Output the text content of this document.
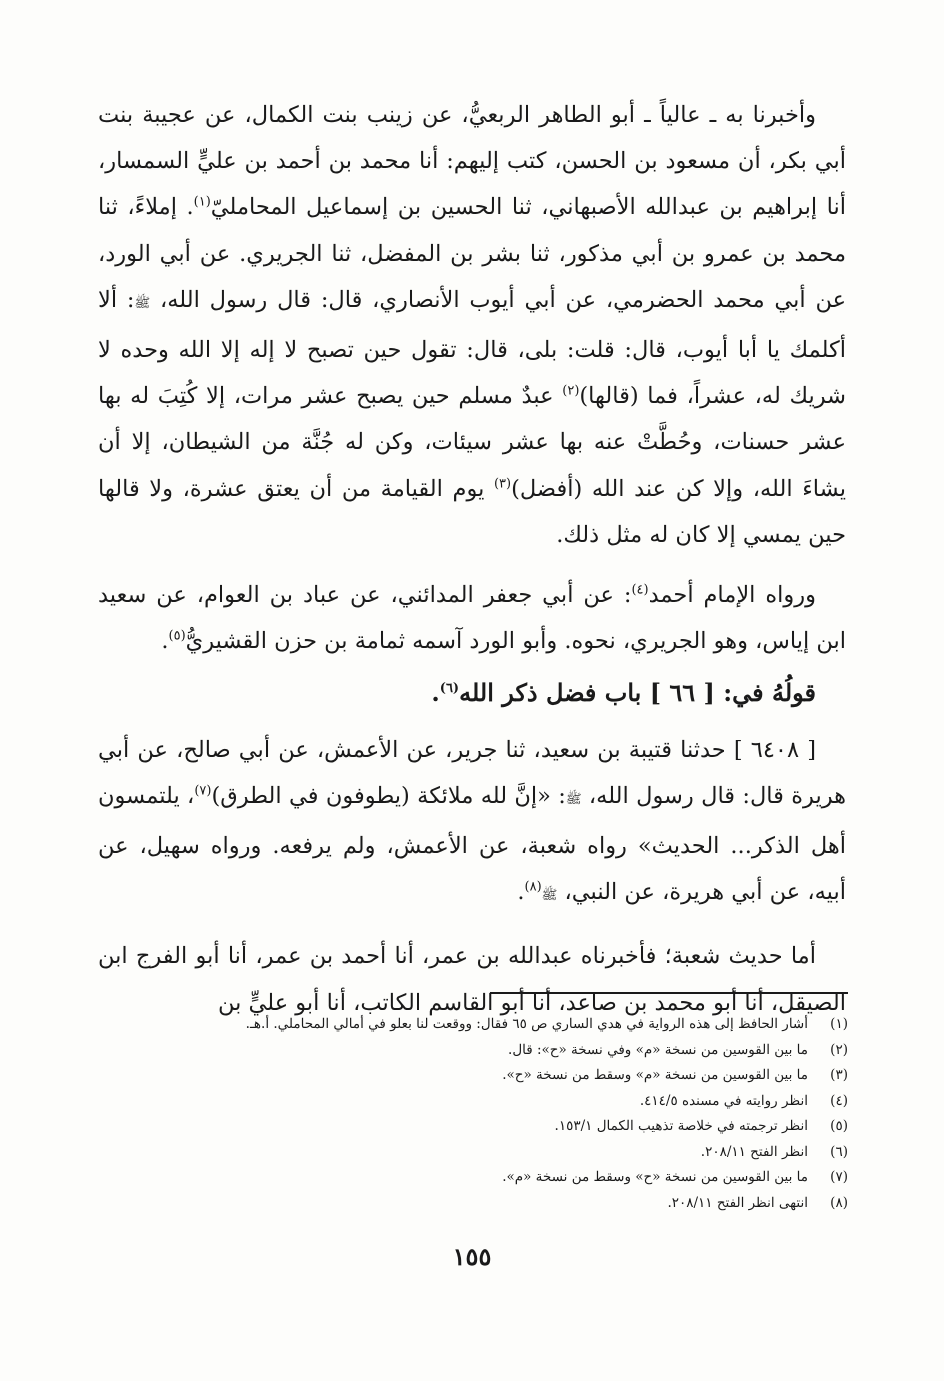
وأخبرنا به ـ عالياً ـ أبو الطاهر الربعيُّ، عن زينب بنت الكمال، عن عجيبة بنت أبي بكر، أن مسعود بن الحسن، كتب إليهم: أنا محمد بن أحمد بن عليٍّ السمسار، أنا إبراهيم بن عبدالله الأصبهاني، ثنا الحسين بن إسماعيل المحامليّ$^{(١)}$. إملاءً، ثنا محمد بن عمرو بن أبي مذكور، ثنا بشر بن المفضل، ثنا الجريري. عن أبي الورد، عن أبي محمد الحضرمي، عن أبي أيوب الأنصاري، قال: قال رسول الله، ﷺ: ألا أكلمك يا أبا أيوب، قال: قلت: بلى، قال: تقول حين تصبح لا إله إلا الله وحده لا شريك له، عشراً، فما (قالها)$^{(٢)}$ عبدٌ مسلم حين يصبح عشر مرات، إلا كُتِبَ له بها عشر حسنات، وحُطَّتْ عنه بها عشر سيئات، وكن له جُنَّة من الشيطان، إلا أن يشاءَ الله، وإلا كن عند الله (أفضل)$^{(٣)}$ يوم القيامة من أن يعتق عشرة، ولا قالها حين يمسي إلا كان له مثل ذلك.

ورواه الإمام أحمد$^{(٤)}$: عن أبي جعفر المدائني، عن عباد بن العوام، عن سعيد ابن إياس، وهو الجريري، نحوه. وأبو الورد آسمه ثمامة بن حزن القشيريُّ$^{(٥)}$.

قولُهُ في: [ ٦٦ ] باب فضل ذكر الله$^{(٦)}$.

[ ٦٤٠٨ ] حدثنا قتيبة بن سعيد، ثنا جرير، عن الأعمش، عن أبي صالح، عن أبي هريرة قال: قال رسول الله، ﷺ: «إنَّ لله ملائكة (يطوفون في الطرق)$^{(٧)}$، يلتمسون أهل الذكر... الحديث» رواه شعبة، عن الأعمش، ولم يرفعه. ورواه سهيل، عن أبيه، عن أبي هريرة، عن النبي، ﷺ$^{(٨)}$.

أما حديث شعبة؛ فأخبرناه عبدالله بن عمر، أنا أحمد بن عمر، أنا أبو الفرج ابن الصيقل، أنا أبو محمد بن صاعد، أنا أبو القاسم الكاتب، أنا أبو عليٍّ بن

(١)
أشار الحافظ إلى هذه الرواية في هدي الساري ص ٦٥ فقال: ووقعت لنا بعلو في أمالي المحاملي. أ.هـ.
(٢)
ما بين القوسين من نسخة «م» وفي نسخة «ح»: قال.
(٣)
ما بين القوسين من نسخة «م» وسقط من نسخة «ح».
(٤)
انظر روايته في مسنده ٤١٤/٥.
(٥)
انظر ترجمته في خلاصة تذهيب الكمال ١٥٣/١.
(٦)
انظر الفتح ٢٠٨/١١.
(٧)
ما بين القوسين من نسخة «ح» وسقط من نسخة «م».
(٨)
انتهى انظر الفتح ٢٠٨/١١.
١٥٥
